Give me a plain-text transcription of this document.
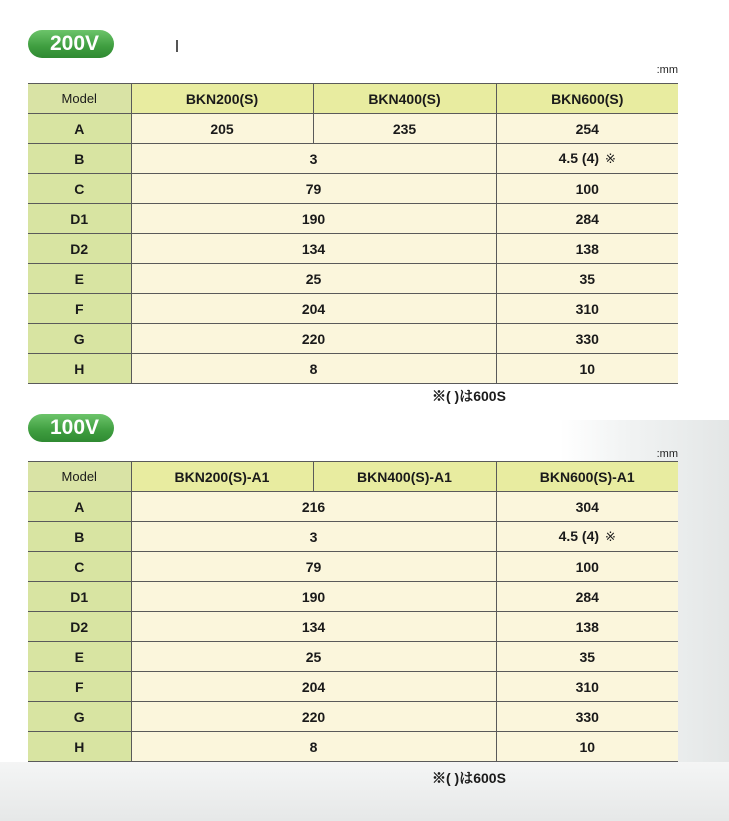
200V
:mm
Model	BKN200(S)	BKN400(S)	BKN600(S)
A	205	235	254
B	3		4.5 (4) ※
C	79		100
D1	190		284
D2	134		138
E	25		35
F	204		310
G	220		330
H	8		10
※( )は600S
100V
:mm
Model	BKN200(S)-A1	BKN400(S)-A1	BKN600(S)-A1
A	216		304
B	3		4.5 (4) ※
C	79		100
D1	190		284
D2	134		138
E	25		35
F	204		310
G	220		330
H	8		10
※( )は600S
